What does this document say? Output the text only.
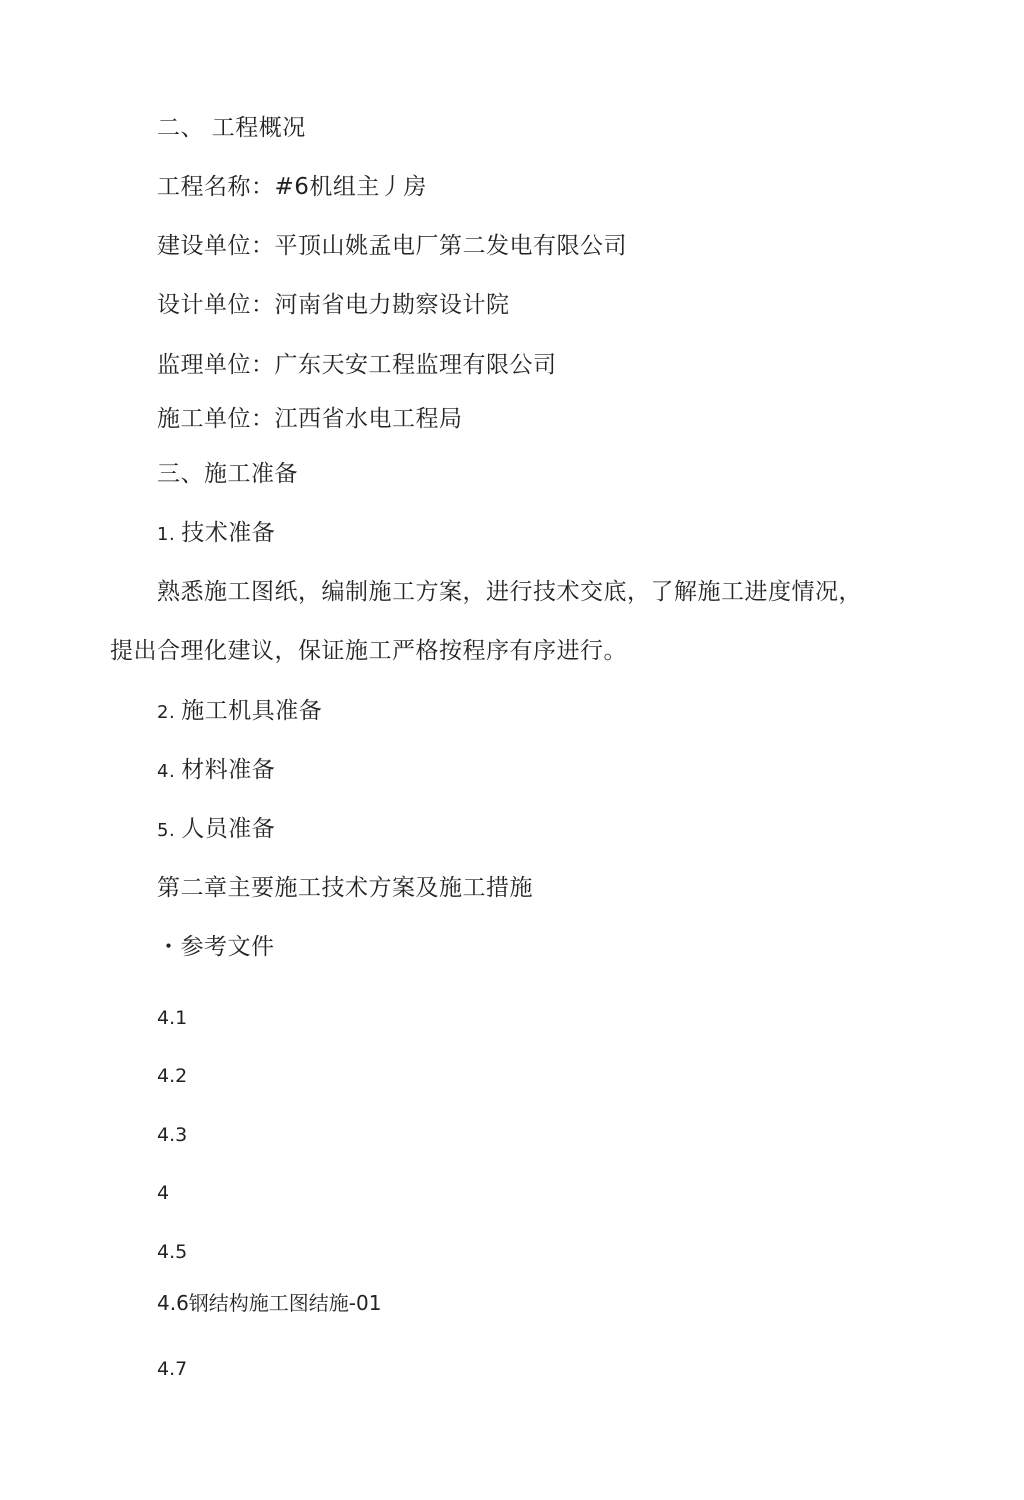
二、 工程概况
工程名称：#6机组主丿房
建设单位：平顶山姚孟电厂第二发电有限公司
设计单位：河南省电力勘察设计院
监理单位：广东天安工程监理有限公司
施工单位：江西省水电工程局
三、施工准备
1. 技术准备
熟悉施工图纸，编制施工方案，进行技术交底，了解施工进度情况，
提出合理化建议，保证施工严格按程序有序进行。
2. 施工机具准备
4. 材料准备
5. 人员准备
第二章主要施工技术方案及施工措施
・参考文件
4.1
4.2
4.3
4
4.5
4.6钢结构施工图结施-01
4.7
